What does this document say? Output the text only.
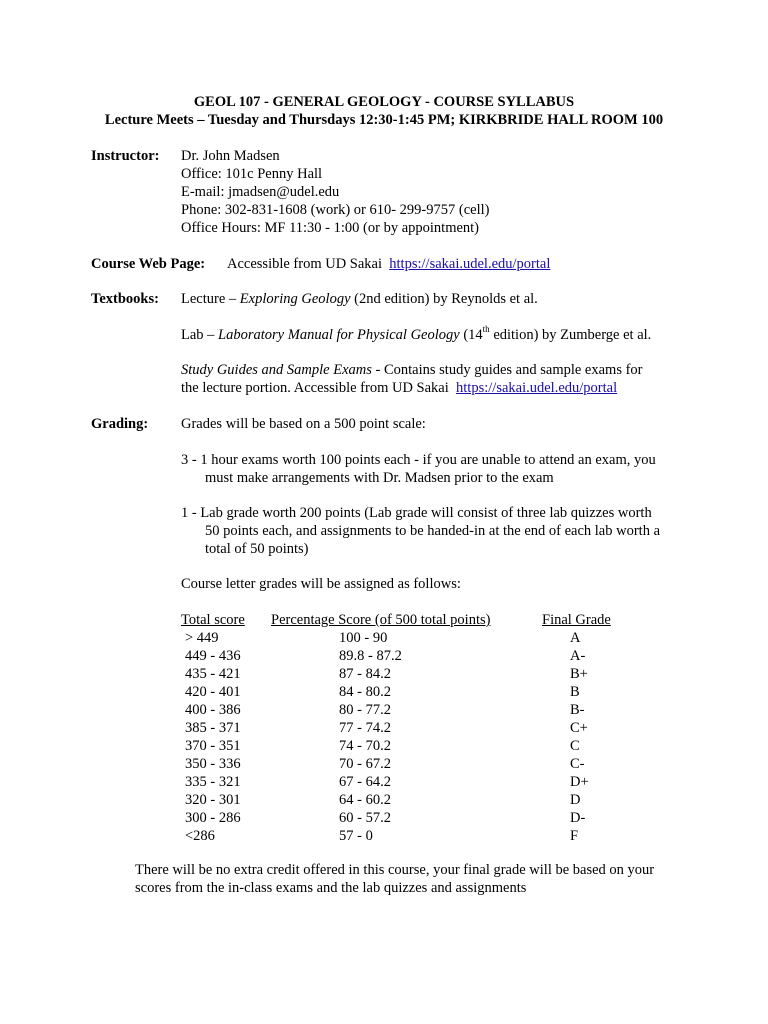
GEOL 107 - GENERAL GEOLOGY - COURSE SYLLABUS
Lecture Meets – Tuesday and Thursdays 12:30-1:45 PM; KIRKBRIDE HALL ROOM 100
Instructor: Dr. John Madsen
Office: 101c Penny Hall
E-mail: jmadsen@udel.edu
Phone: 302-831-1608 (work) or 610- 299-9757 (cell)
Office Hours: MF 11:30 - 1:00 (or by appointment)
Course Web Page: Accessible from UD Sakai https://sakai.udel.edu/portal
Textbooks: Lecture – Exploring Geology (2nd edition) by Reynolds et al.
Lab – Laboratory Manual for Physical Geology (14th edition) by Zumberge et al.
Study Guides and Sample Exams - Contains study guides and sample exams for
the lecture portion. Accessible from UD Sakai https://sakai.udel.edu/portal
Grading: Grades will be based on a 500 point scale:
3 - 1 hour exams worth 100 points each - if you are unable to attend an exam, you
must make arrangements with Dr. Madsen prior to the exam
1 - Lab grade worth 200 points (Lab grade will consist of three lab quizzes worth
50 points each, and assignments to be handed-in at the end of each lab worth a
total of 50 points)
Course letter grades will be assigned as follows:
Total score Percentage Score (of 500 total points)	Final Grade
> 449	100 - 90	A
449 - 436	89.8 - 87.2	A-
435 - 421	87 - 84.2	B+
420 - 401	84 - 80.2	B
400 - 386	80 - 77.2	B-
385 - 371	77 - 74.2	C+
370 - 351	74 - 70.2	C
350 - 336	70 - 67.2	C-
335 - 321	67 - 64.2	D+
320 - 301	64 - 60.2	D
300 - 286	60 - 57.2	D-
<286	57 - 0	F
There will be no extra credit offered in this course, your final grade will be based on your
scores from the in-class exams and the lab quizzes and assignments
